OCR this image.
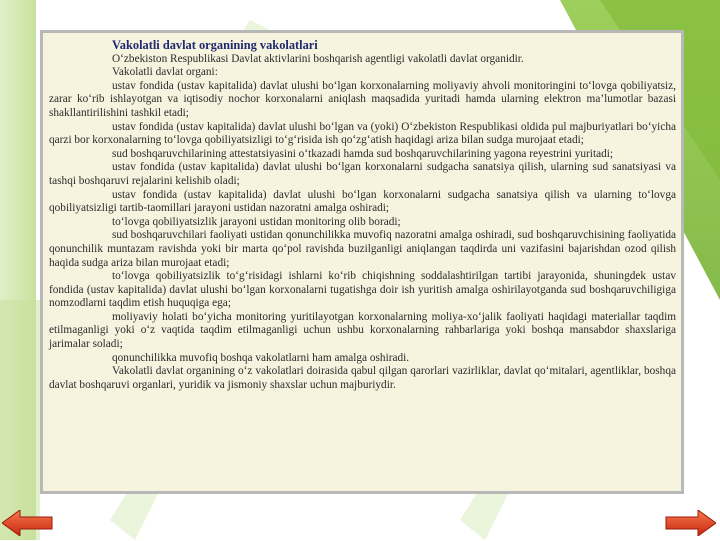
Vakolatli davlat organining vakolatlari

O‘zbekiston Respublikasi Davlat aktivlarini boshqarish agentligi vakolatli davlat organidir.

Vakolatli davlat organi:

ustav fondida (ustav kapitalida) davlat ulushi bo‘lgan korxonalarning moliyaviy ahvoli monitoringini to‘lovga qobiliyatsiz, zarar ko‘rib ishlayotgan va iqtisodiy nochor korxonalarni aniqlash maqsadida yuritadi hamda ularning elektron ma’lumotlar bazasi shakllantirilishini tashkil etadi;

ustav fondida (ustav kapitalida) davlat ulushi bo‘lgan va (yoki) O‘zbekiston Respublikasi oldida pul majburiyatlari bo‘yicha qarzi bor korxonalarning to‘lovga qobiliyatsizligi to‘g‘risida ish qo‘zg‘atish haqidagi ariza bilan sudga murojaat etadi;

sud boshqaruvchilarining attestatsiyasini o‘tkazadi hamda sud boshqaruvchilarining yagona reyestrini yuritadi;

ustav fondida (ustav kapitalida) davlat ulushi bo‘lgan korxonalarni sudgacha sanatsiya qilish, ularning sud sanatsiyasi va tashqi boshqaruvi rejalarini kelishib oladi;

ustav fondida (ustav kapitalida) davlat ulushi bo‘lgan korxonalarni sudgacha sanatsiya qilish va ularning to‘lovga qobiliyatsizligi tartib-taomillari jarayoni ustidan nazoratni amalga oshiradi;

to‘lovga qobiliyatsizlik jarayoni ustidan monitoring olib boradi;

sud boshqaruvchilari faoliyati ustidan qonunchilikka muvofiq nazoratni amalga oshiradi, sud boshqaruvchisining faoliyatida qonunchilik muntazam ravishda yoki bir marta qo‘pol ravishda buzilganligi aniqlangan taqdirda uni vazifasini bajarishdan ozod qilish haqida sudga ariza bilan murojaat etadi;

to‘lovga qobiliyatsizlik to‘g‘risidagi ishlarni ko‘rib chiqishning soddalashtirilgan tartibi jarayonida, shuningdek ustav fondida (ustav kapitalida) davlat ulushi bo‘lgan korxonalarni tugatishga doir ish yuritish amalga oshirilayotganda sud boshqaruvchiligiga nomzodlarni taqdim etish huquqiga ega;

moliyaviy holati bo‘yicha monitoring yuritilayotgan korxonalarning moliya-xo‘jalik faoliyati haqidagi materiallar taqdim etilmaganligi yoki o‘z vaqtida taqdim etilmaganligi uchun ushbu korxonalarning rahbarlariga yoki boshqa mansabdor shaxslariga jarimalar soladi;

qonunchilikka muvofiq boshqa vakolatlarni ham amalga oshiradi.

Vakolatli davlat organining o‘z vakolatlari doirasida qabul qilgan qarorlari vazirliklar, davlat qo‘mitalari, agentliklar, boshqa davlat boshqaruvi organlari, yuridik va jismoniy shaxslar uchun majburiydir.
